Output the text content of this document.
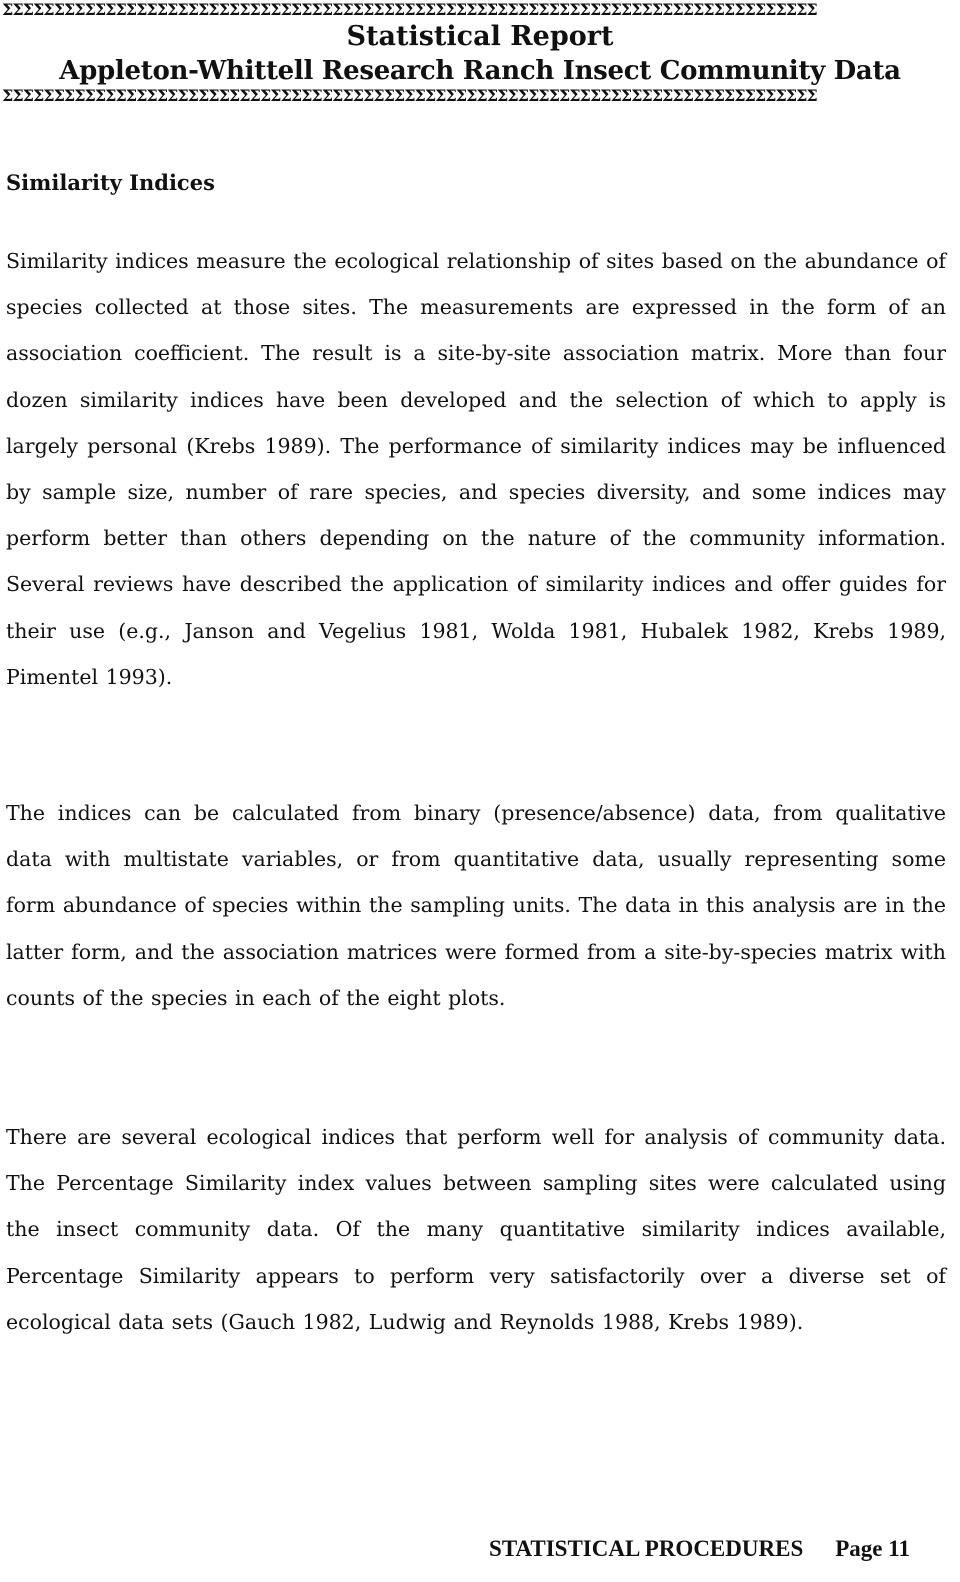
ΣΣΣΣΣΣΣΣΣΣΣΣΣΣΣΣΣΣΣΣΣΣΣΣΣΣΣΣΣΣΣΣΣΣΣΣΣΣΣΣΣΣΣΣΣΣΣΣΣΣΣΣΣΣΣΣΣΣΣΣΣΣΣΣΣΣΣΣΣΣΣΣΣΣΣΣΣΣΣ
Statistical Report
Appleton-Whittell Research Ranch Insect Community Data
ΣΣΣΣΣΣΣΣΣΣΣΣΣΣΣΣΣΣΣΣΣΣΣΣΣΣΣΣΣΣΣΣΣΣΣΣΣΣΣΣΣΣΣΣΣΣΣΣΣΣΣΣΣΣΣΣΣΣΣΣΣΣΣΣΣΣΣΣΣΣΣΣΣΣΣΣΣΣΣ
Similarity Indices

Similarity indices measure the ecological relationship of sites based on the abundance of species collected at those sites. The measurements are expressed in the form of an association coefficient. The result is a site-by-site association matrix. More than four dozen similarity indices have been developed and the selection of which to apply is largely personal (Krebs 1989). The performance of similarity indices may be influenced by sample size, number of rare species, and species diversity, and some indices may perform better than others depending on the nature of the community information. Several reviews have described the application of similarity indices and offer guides for their use (e.g., Janson and Vegelius 1981, Wolda 1981, Hubalek 1982, Krebs 1989, Pimentel 1993).

The indices can be calculated from binary (presence/absence) data, from qualitative data with multistate variables, or from quantitative data, usually representing some form abundance of species within the sampling units. The data in this analysis are in the latter form, and the association matrices were formed from a site-by-species matrix with counts of the species in each of the eight plots.

There are several ecological indices that perform well for analysis of community data. The Percentage Similarity index values between sampling sites were calculated using the insect community data. Of the many quantitative similarity indices available, Percentage Similarity appears to perform very satisfactorily over a diverse set of ecological data sets (Gauch 1982, Ludwig and Reynolds 1988, Krebs 1989).

STATISTICAL PROCEDURES Page 11
